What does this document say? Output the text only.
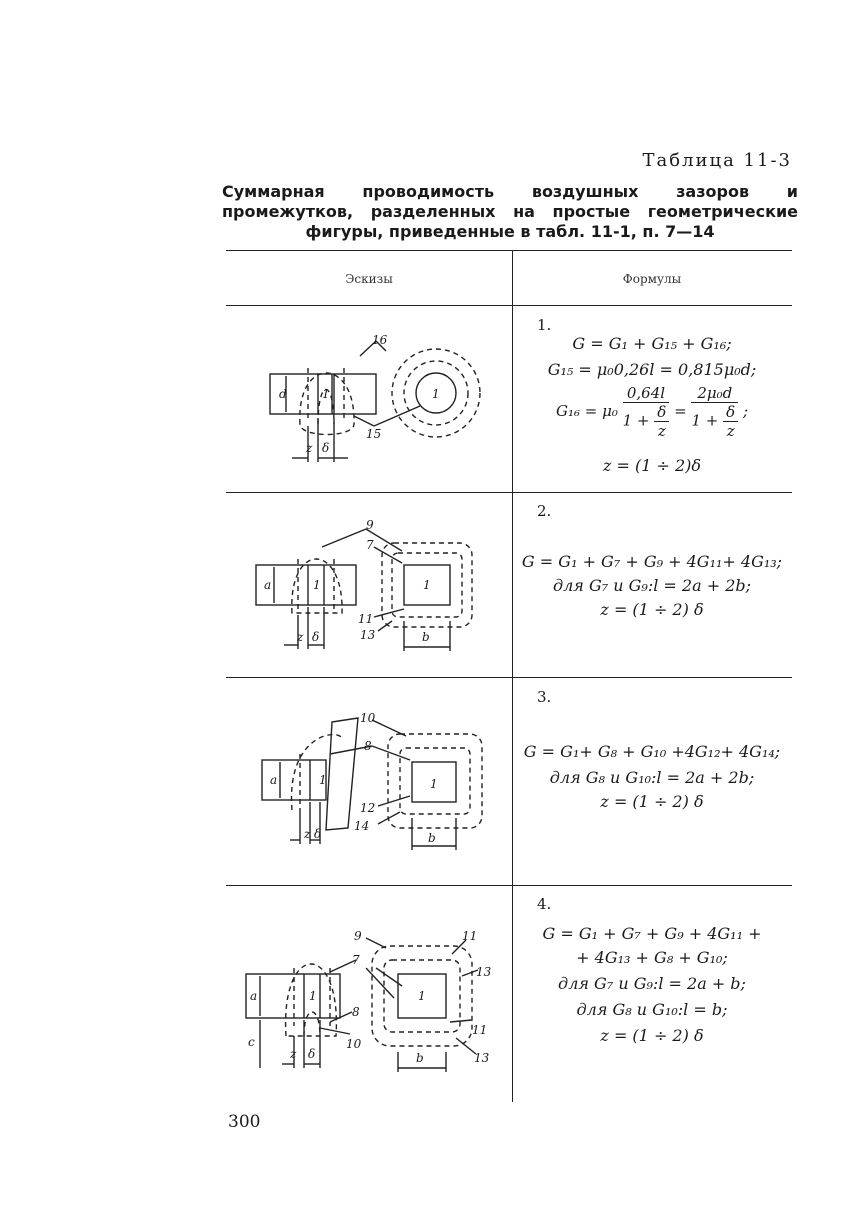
Таблица 11-3
Суммарная проводимость воздушных зазоров и промежутков, разделенных на простые геометрические фигуры, приведенные в табл. 11-1, п. 7—14
Эскизы	Формулы
1.
G = G₁ + G₁₅ + G₁₆;
G₁₅ = μ₀0,26l = 0,815μ₀d;
$G_{16} = \mu_0 \frac{0,64l}{1 + \frac{\delta}{z}} = \frac{\text{2μ₀d}}{1 + \frac{\delta}{z}}$ ;
z = (1 ÷ 2)δ
d	1	1
16
15
z δ
2.
G = G₁ + G₇ + G₉ + 4G₁₁+ 4G₁₃;
для G₇ и G₉:l = 2a + 2b;
z = (1 ÷ 2) δ
a	1	1
9
7
11
13	b
z δ
3.
G = G₁+ G₈ + G₁₀ +4G₁₂+ 4G₁₄;
для G₈ и G₁₀:l = 2a + 2b;
z = (1 ÷ 2) δ
a	1	1
10
8
12
14
b
z δ
4.
G = G₁ + G₇ + G₉ + 4G₁₁ +
+ 4G₁₃ + G₈ + G₁₀;
для G₇ и G₉:l = 2a + b;
для G₈ и G₁₀:l = b;
z = (1 ÷ 2) δ
a
c
1	1
9
7
8
10
11
13
11
13
b
z δ
300
